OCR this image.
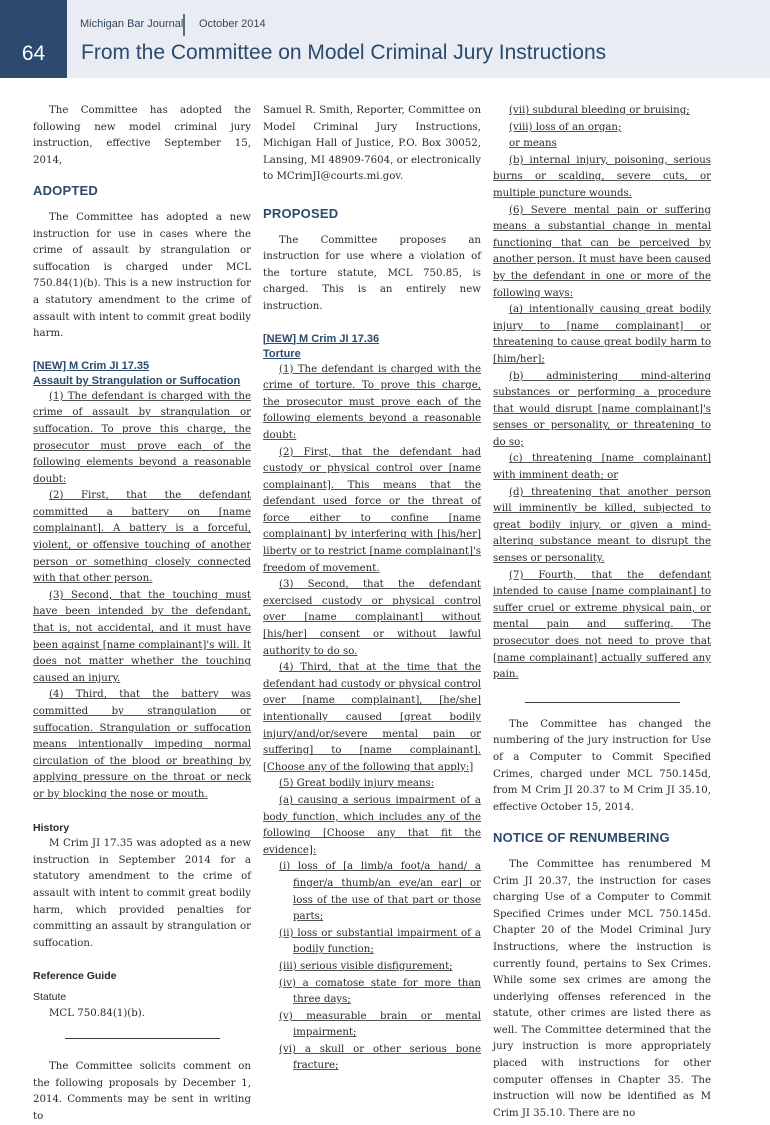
Michigan Bar Journal October 2014
64	From the Committee on Model Criminal Jury Instructions

The Committee has adopted the following new model criminal jury instruction, effective September 15, 2014,

ADOPTED

The Committee has adopted a new instruction for use in cases where the crime of assault by strangulation or suffocation is charged under MCL 750.84(1)(b). This is a new instruction for a statutory amendment to the crime of assault with intent to commit great bodily harm.

[NEW] M Crim JI 17.35
Assault by Strangulation or Suffocation

(1) The defendant is charged with the crime of assault by strangulation or suffocation. To prove this charge, the prosecutor must prove each of the following elements beyond a reasonable doubt:

(2) First, that the defendant committed a battery on [name complainant]. A battery is a forceful, violent, or offensive touching of another person or something closely connected with that other person.

(3) Second, that the touching must have been intended by the defendant, that is, not accidental, and it must have been against [name complainant]'s will. It does not matter whether the touching caused an injury.

(4) Third, that the battery was committed by strangulation or suffocation. Strangulation or suffocation means intentionally impeding normal circulation of the blood or breathing by applying pressure on the throat or neck or by blocking the nose or mouth.

History

M Crim JI 17.35 was adopted as a new instruction in September 2014 for a statutory amendment to the crime of assault with intent to commit great bodily harm, which provided penalties for committing an assault by strangulation or suffocation.

Reference Guide
Statute

MCL 750.84(1)(b).

The Committee solicits comment on the following proposals by December 1, 2014. Comments may be sent in writing to

Samuel R. Smith, Reporter, Committee on Model Criminal Jury Instructions, Michigan Hall of Justice, P.O. Box 30052, Lansing, MI 48909-7604, or electronically to MCrimJI@courts.mi.gov.

PROPOSED

The Committee proposes an instruction for use where a violation of the torture statute, MCL 750.85, is charged. This is an entirely new instruction.

[NEW] M Crim JI 17.36
Torture

(1) The defendant is charged with the crime of torture. To prove this charge, the prosecutor must prove each of the following elements beyond a reasonable doubt:

(2) First, that the defendant had custody or physical control over [name complainant]. This means that the defendant used force or the threat of force either to confine [name complainant] by interfering with [his/her] liberty or to restrict [name complainant]'s freedom of movement.

(3) Second, that the defendant exercised custody or physical control over [name complainant] without [his/her] consent or without lawful authority to do so.

(4) Third, that at the time that the defendant had custody or physical control over [name complainant], [he/she] intentionally caused [great bodily injury/and/or/severe mental pain or suffering] to [name complainant]. [Choose any of the following that apply:]

(5) Great bodily injury means:

(a) causing a serious impairment of a body function, which includes any of the following [Choose any that fit the evidence]:

(i) loss of [a limb/a foot/a hand/ a finger/a thumb/an eye/an ear] or loss of the use of that part or those parts;

(ii) loss or substantial impairment of a bodily function;

(iii) serious visible disfigurement;

(iv) a comatose state for more than three days;

(v) measurable brain or mental impairment;

(vi) a skull or other serious bone fracture;

(vii) subdural bleeding or bruising;

(viii) loss of an organ;

or means

(b) internal injury, poisoning, serious burns or scalding, severe cuts, or multiple puncture wounds.

(6) Severe mental pain or suffering means a substantial change in mental functioning that can be perceived by another person. It must have been caused by the defendant in one or more of the following ways:

(a) intentionally causing great bodily injury to [name complainant] or threatening to cause great bodily harm to [him/her];

(b) administering mind-altering substances or performing a procedure that would disrupt [name complainant]'s senses or personality, or threatening to do so;

(c) threatening [name complainant] with imminent death; or

(d) threatening that another person will imminently be killed, subjected to great bodily injury, or given a mind-altering substance meant to disrupt the senses or personality.

(7) Fourth, that the defendant intended to cause [name complainant] to suffer cruel or extreme physical pain, or mental pain and suffering. The prosecutor does not need to prove that [name complainant] actually suffered any pain.

The Committee has changed the numbering of the jury instruction for Use of a Computer to Commit Specified Crimes, charged under MCL 750.145d, from M Crim JI 20.37 to M Crim JI 35.10, effective October 15, 2014.

NOTICE OF RENUMBERING

The Committee has renumbered M Crim JI 20.37, the instruction for cases charging Use of a Computer to Commit Specified Crimes under MCL 750.145d. Chapter 20 of the Model Criminal Jury Instructions, where the instruction is currently found, pertains to Sex Crimes. While some sex crimes are among the underlying offenses referenced in the statute, other crimes are listed there as well. The Committee determined that the jury instruction is more appropriately placed with instructions for other computer offenses in Chapter 35. The instruction will now be identified as M Crim JI 35.10. There are no
